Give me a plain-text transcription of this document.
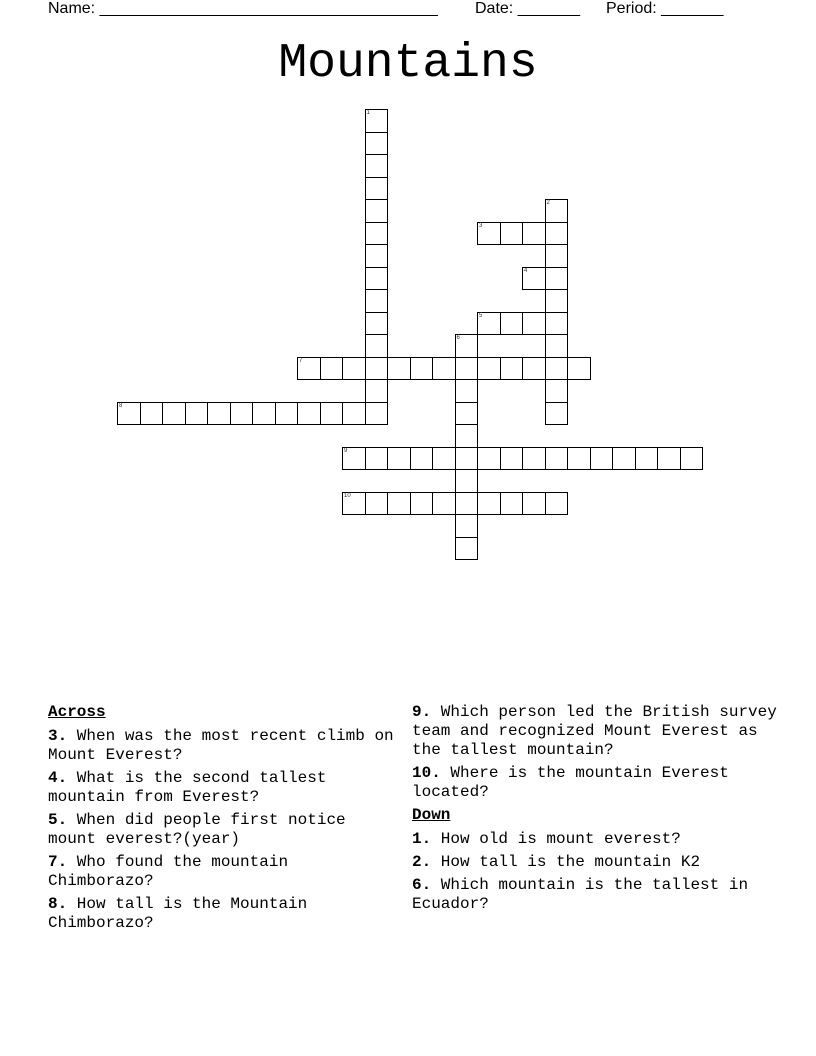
Name: ______________________________________ Date: _______ Period: _______
Mountains
1
2
3
4
5
6
7
8
9
10
Across
3. When was the most recent climb on Mount Everest?
4. What is the second tallest mountain from Everest?
5. When did people first notice mount everest?(year)
7. Who found the mountain Chimborazo?
8. How tall is the Mountain Chimborazo?
9. Which person led the British survey team and recognized Mount Everest as the tallest mountain?
10. Where is the mountain Everest located?
Down
1. How old is mount everest?
2. How tall is the mountain K2
6. Which mountain is the tallest in Ecuador?
